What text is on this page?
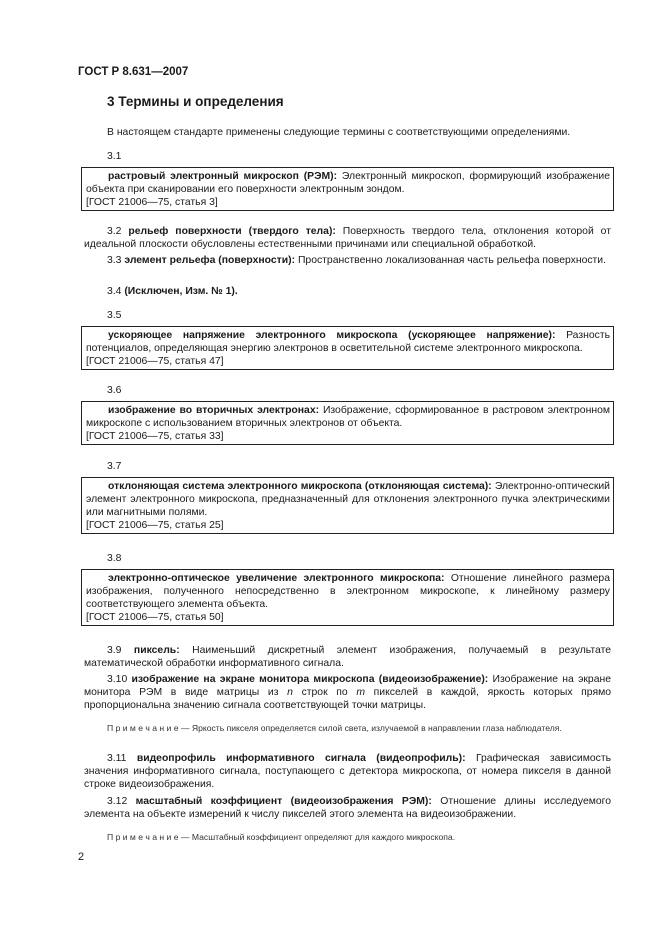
ГОСТ Р 8.631—2007
3 Термины и определения
В настоящем стандарте применены следующие термины с соответствующими определениями.
3.1
растровый электронный микроскоп (РЭМ): Электронный микроскоп, формирующий изображение объекта при сканировании его поверхности электронным зондом.
[ГОСТ 21006—75, статья 3]
3.2 рельеф поверхности (твердого тела): Поверхность твердого тела, отклонения которой от идеальной плоскости обусловлены естественными причинами или специальной обработкой.
3.3 элемент рельефа (поверхности): Пространственно локализованная часть рельефа поверхности.
3.4 (Исключен, Изм. № 1).
3.5
ускоряющее напряжение электронного микроскопа (ускоряющее напряжение): Разность потенциалов, определяющая энергию электронов в осветительной системе электронного микроскопа.
[ГОСТ 21006—75, статья 47]
3.6
изображение во вторичных электронах: Изображение, сформированное в растровом электронном микроскопе с использованием вторичных электронов от объекта.
[ГОСТ 21006—75, статья 33]
3.7
отклоняющая система электронного микроскопа (отклоняющая система): Электронно-оптический элемент электронного микроскопа, предназначенный для отклонения электронного пучка электрическими или магнитными полями.
[ГОСТ 21006—75, статья 25]
3.8
электронно-оптическое увеличение электронного микроскопа: Отношение линейного размера изображения, полученного непосредственно в электронном микроскопе, к линейному размеру соответствующего элемента объекта.
[ГОСТ 21006—75, статья 50]
3.9 пиксель: Наименьший дискретный элемент изображения, получаемый в результате математической обработки информативного сигнала.
3.10 изображение на экране монитора микроскопа (видеоизображение): Изображение на экране монитора РЭМ в виде матрицы из n строк по m пикселей в каждой, яркость которых прямо пропорциональна значению сигнала соответствующей точки матрицы.
П р и м е ч а н и е — Яркость пикселя определяется силой света, излучаемой в направлении глаза наблюдателя.
3.11 видеопрофиль информативного сигнала (видеопрофиль): Графическая зависимость значения информативного сигнала, поступающего с детектора микроскопа, от номера пикселя в данной строке видеоизображения.
3.12 масштабный коэффициент (видеоизображения РЭМ): Отношение длины исследуемого элемента на объекте измерений к числу пикселей этого элемента на видеоизображении.
П р и м е ч а н и е — Масштабный коэффициент определяют для каждого микроскопа.
2
